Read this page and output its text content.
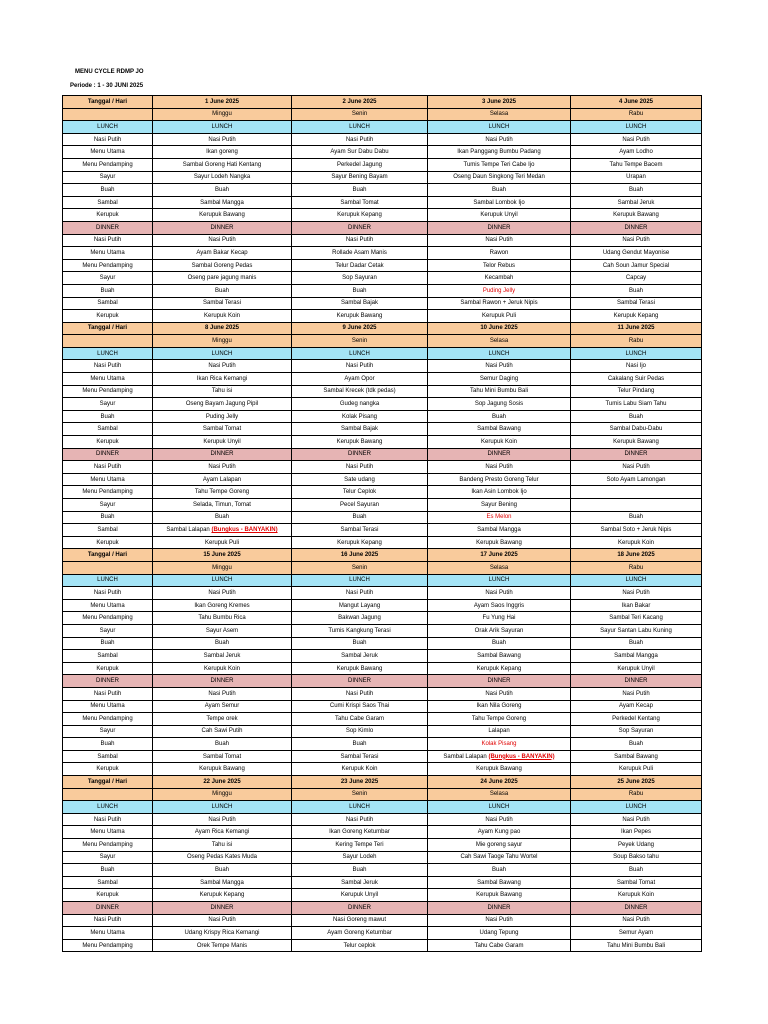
MENU CYCLE RDMP JO
Periode : 1 - 30 JUNI 2025
Tanggal / Hari	1 June 2025	2 June 2025	3 June 2025	4 June 2025
	Minggu	Senin	Selasa	Rabu
LUNCH	LUNCH	LUNCH	LUNCH	LUNCH
Nasi Putih	Nasi Putih	Nasi Putih	Nasi Putih	Nasi Putih
Menu Utama	Ikan goreng	Ayam Sur Dabu Dabu	Ikan Panggang Bumbu Padang	Ayam Lodho
Menu Pendamping	Sambal Goreng Hati Kentang	Perkedel Jagung	Tumis Tempe Teri Cabe Ijo	Tahu Tempe Bacem
Sayur	Sayur Lodeh Nangka	Sayur Bening Bayam	Oseng Daun Singkong Teri Medan	Urapan
Buah	Buah	Buah	Buah	Buah
Sambal	Sambal Mangga	Sambal Tomat	Sambal Lombok Ijo	Sambal Jeruk
Kerupuk	Kerupuk Bawang	Kerupuk Kepang	Kerupuk Unyil	Kerupuk Bawang
DINNER	DINNER	DINNER	DINNER	DINNER
Nasi Putih	Nasi Putih	Nasi Putih	Nasi Putih	Nasi Putih
Menu Utama	Ayam Bakar Kecap	Rollade Asam Manis	Rawon	Udang Gendut Mayonise
Menu Pendamping	Sambal Goreng Pedas	Telur Dadar Cetak	Telor Rebus	Cah Soun Jamur Special
Sayur	Oseng pare jagung manis	Sop Sayuran	Kecambah	Capcay
Buah	Buah	Buah	Puding Jelly	Buah
Sambal	Sambal Terasi	Sambal Bajak	Sambal Rawon + Jeruk Nipis	Sambal Terasi
Kerupuk	Kerupuk Koin	Kerupuk Bawang	Kerupuk Puli	Kerupuk Kepang
Tanggal / Hari	8 June 2025	9 June 2025	10 June 2025	11 June 2025
	Minggu	Senin	Selasa	Rabu
LUNCH	LUNCH	LUNCH	LUNCH	LUNCH
Nasi Putih	Nasi Putih	Nasi Putih	Nasi Putih	Nasi Ijo
Menu Utama	Ikan Rica Kemangi	Ayam Opor	Semur Daging	Cakalang Suir Pedas
Menu Pendamping	Tahu isi	Sambal Krecek (tdk pedas)	Tahu Mini Bumbu Bali	Telur Pindang
Sayur	Oseng Bayam Jagung Pipil	Gudeg nangka	Sop Jagung Sosis	Tumis Labu Siam Tahu
Buah	Puding Jelly	Kolak Pisang	Buah	Buah
Sambal	Sambal Tomat	Sambal Bajak	Sambal Bawang	Sambal Dabu-Dabu
Kerupuk	Kerupuk Unyil	Kerupuk Bawang	Kerupuk Koin	Kerupuk Bawang
DINNER	DINNER	DINNER	DINNER	DINNER
Nasi Putih	Nasi Putih	Nasi Putih	Nasi Putih	Nasi Putih
Menu Utama	Ayam Lalapan	Sate udang	Bandeng Presto Goreng Telur	Soto Ayam Lamongan
Menu Pendamping	Tahu Tempe Goreng	Telur Ceplok	Ikan Asin Lombok Ijo	
Sayur	Selada, Timun, Tomat	Pecel Sayuran	Sayur Bening	
Buah	Buah	Buah	Es Melon	Buah
Sambal	Sambal Lalapan (Bungkus - BANYAKIN)	Sambal Terasi	Sambal Mangga	Sambal Soto + Jeruk Nipis
Kerupuk	Kerupuk Puli	Kerupuk Kepang	Kerupuk Bawang	Kerupuk Koin
Tanggal / Hari	15 June 2025	16 June 2025	17 June 2025	18 June 2025
	Minggu	Senin	Selasa	Rabu
LUNCH	LUNCH	LUNCH	LUNCH	LUNCH
Nasi Putih	Nasi Putih	Nasi Putih	Nasi Putih	Nasi Putih
Menu Utama	Ikan Goreng Kremes	Mangut Layang	Ayam Saos Inggris	Ikan Bakar
Menu Pendamping	Tahu Bumbu Rica	Bakwan Jagung	Fu Yung Hai	Sambal Teri Kacang
Sayur	Sayur Asem	Tumis Kangkung Terasi	Orak Arik Sayuran	Sayur Santan Labu Kuning
Buah	Buah	Buah	Buah	Buah
Sambal	Sambal Jeruk	Sambal Jeruk	Sambal Bawang	Sambal Mangga
Kerupuk	Kerupuk Koin	Kerupuk Bawang	Kerupuk Kepang	Kerupuk Unyil
DINNER	DINNER	DINNER	DINNER	DINNER
Nasi Putih	Nasi Putih	Nasi Putih	Nasi Putih	Nasi Putih
Menu Utama	Ayam Semur	Cumi Krispi Saos Thai	Ikan Nila Goreng	Ayam Kecap
Menu Pendamping	Tempe orek	Tahu Cabe Garam	Tahu Tempe Goreng	Perkedel Kentang
Sayur	Cah Sawi Putih	Sop Kimlo	Lalapan	Sop Sayuran
Buah	Buah	Buah	Kolak Pisang	Buah
Sambal	Sambal Tomat	Sambal Terasi	Sambal Lalapan (Bungkus - BANYAKIN)	Sambal Bawang
Kerupuk	Kerupuk Bawang	Kerupuk Koin	Kerupuk Bawang	Kerupuk Puli
Tanggal / Hari	22 June 2025	23 June 2025	24 June 2025	25 June 2025
	Minggu	Senin	Selasa	Rabu
LUNCH	LUNCH	LUNCH	LUNCH	LUNCH
Nasi Putih	Nasi Putih	Nasi Putih	Nasi Putih	Nasi Putih
Menu Utama	Ayam Rica Kemangi	Ikan Goreng Ketumbar	Ayam Kung pao	Ikan Pepes
Menu Pendamping	Tahu isi	Kering Tempe Teri	Mie goreng sayur	Peyek Udang
Sayur	Oseng Pedas Kates Muda	Sayur Lodeh	Cah Sawi Taoge Tahu Wortel	Soup Bakso tahu
Buah	Buah	Buah	Buah	Buah
Sambal	Sambal Mangga	Sambal Jeruk	Sambal Bawang	Sambal Tomat
Kerupuk	Kerupuk Kepang	Kerupuk Unyil	Kerupuk Bawang	Kerupuk Koin
DINNER	DINNER	DINNER	DINNER	DINNER
Nasi Putih	Nasi Putih	Nasi Goreng mawut	Nasi Putih	Nasi Putih
Menu Utama	Udang Krispy Rica Kemangi	Ayam Goreng Ketumbar	Udang Tepung	Semur Ayam
Menu Pendamping	Orek Tempe Manis	Telur ceplok	Tahu Cabe Garam	Tahu Mini Bumbu Bali
